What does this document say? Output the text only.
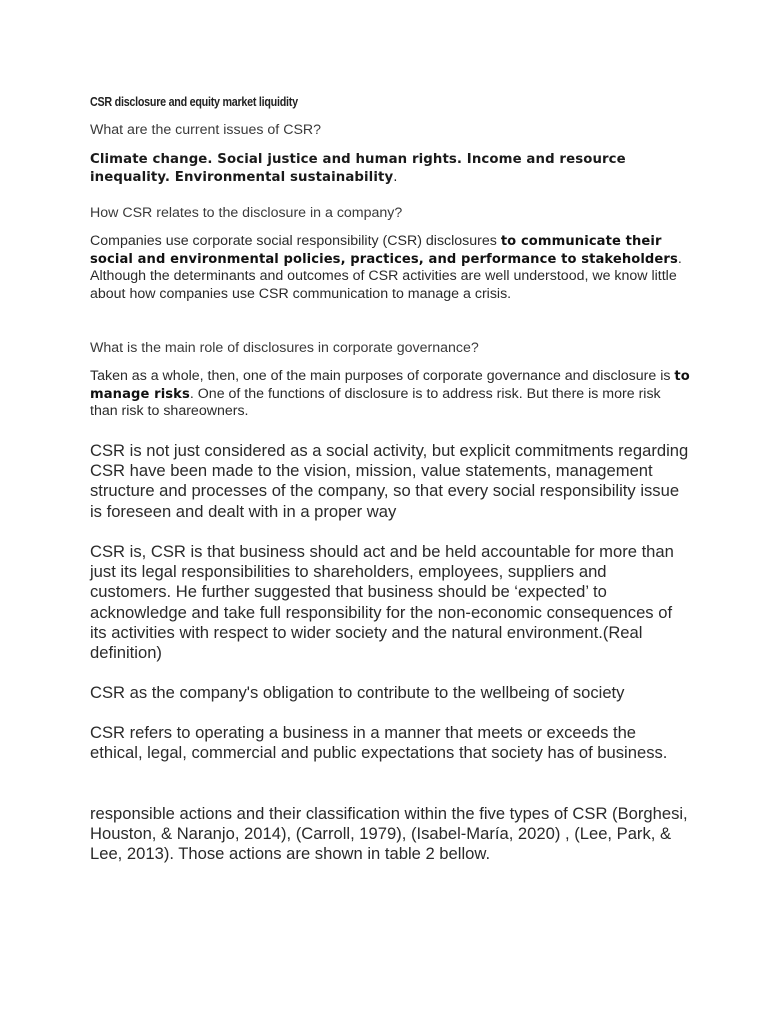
CSR disclosure and equity market liquidity

What are the current issues of CSR?

Climate change. Social justice and human rights. Income and resource inequality. Environmental sustainability.

How CSR relates to the disclosure in a company?

Companies use corporate social responsibility (CSR) disclosures to communicate their social and environmental policies, practices, and performance to stakeholders. Although the determinants and outcomes of CSR activities are well understood, we know little about how companies use CSR communication to manage a crisis.

What is the main role of disclosures in corporate governance?

Taken as a whole, then, one of the main purposes of corporate governance and disclosure is to manage risks. One of the functions of disclosure is to address risk. But there is more risk than risk to shareowners.

CSR is not just considered as a social activity, but explicit commitments regarding CSR have been made to the vision, mission, value statements, management structure and processes of the company, so that every social responsibility issue is foreseen and dealt with in a proper way

CSR is, CSR is that business should act and be held accountable for more than just its legal responsibilities to shareholders, employees, suppliers and customers. He further suggested that business should be ‘expected’ to acknowledge and take full responsibility for the non-economic consequences of its activities with respect to wider society and the natural environment.(Real definition)

CSR as the company's obligation to contribute to the wellbeing of society

CSR refers to operating a business in a manner that meets or exceeds the ethical, legal, commercial and public expectations that society has of business.

responsible actions and their classification within the five types of CSR (Borghesi, Houston, & Naranjo, 2014), (Carroll, 1979), (Isabel-María, 2020) , (Lee, Park, & Lee, 2013). Those actions are shown in table 2 bellow.
